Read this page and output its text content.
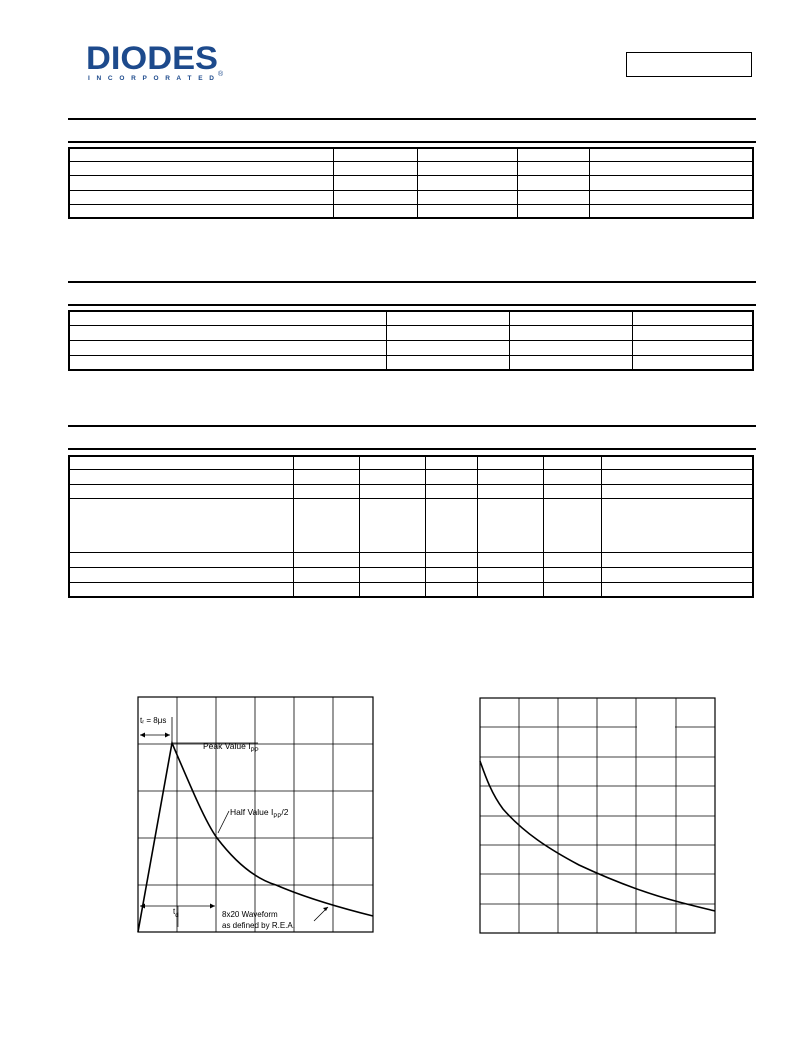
DIODES
I N C O R P O R A T E D
®

tᵣ = 8μs
Peak Value $I_{PP}$
Half Value $I_{PP}/2$
$t_d$	8x20 Waveform
as defined by R.E.A.
